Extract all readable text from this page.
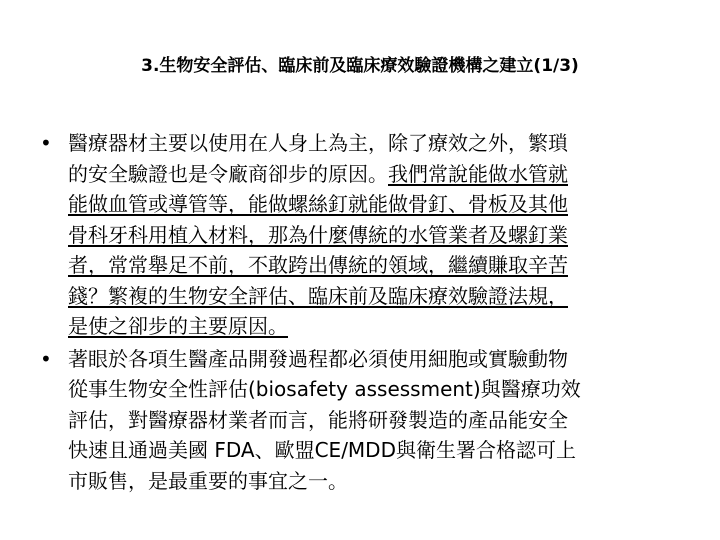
3.生物安全評估、臨床前及臨床療效驗證機構之建立(1/3)
• 醫療器材主要以使用在人身上為主，除了療效之外，繁瑣
的安全驗證也是令廠商卻步的原因。我們常說能做水管就
能做血管或導管等，能做螺絲釘就能做骨釘、骨板及其他
骨科牙科用植入材料，那為什麼傳統的水管業者及螺釘業
者，常常舉足不前，不敢跨出傳統的領域，繼續賺取辛苦
錢？繁複的生物安全評估、臨床前及臨床療效驗證法規，
是使之卻步的主要原因。
• 著眼於各項生醫產品開發過程都必須使用細胞或實驗動物
從事生物安全性評估(biosafety assessment)與醫療功效
評估，對醫療器材業者而言，能將研發製造的產品能安全
快速且通過美國 FDA、歐盟CE/MDD與衛生署合格認可上
市販售，是最重要的事宜之一。
